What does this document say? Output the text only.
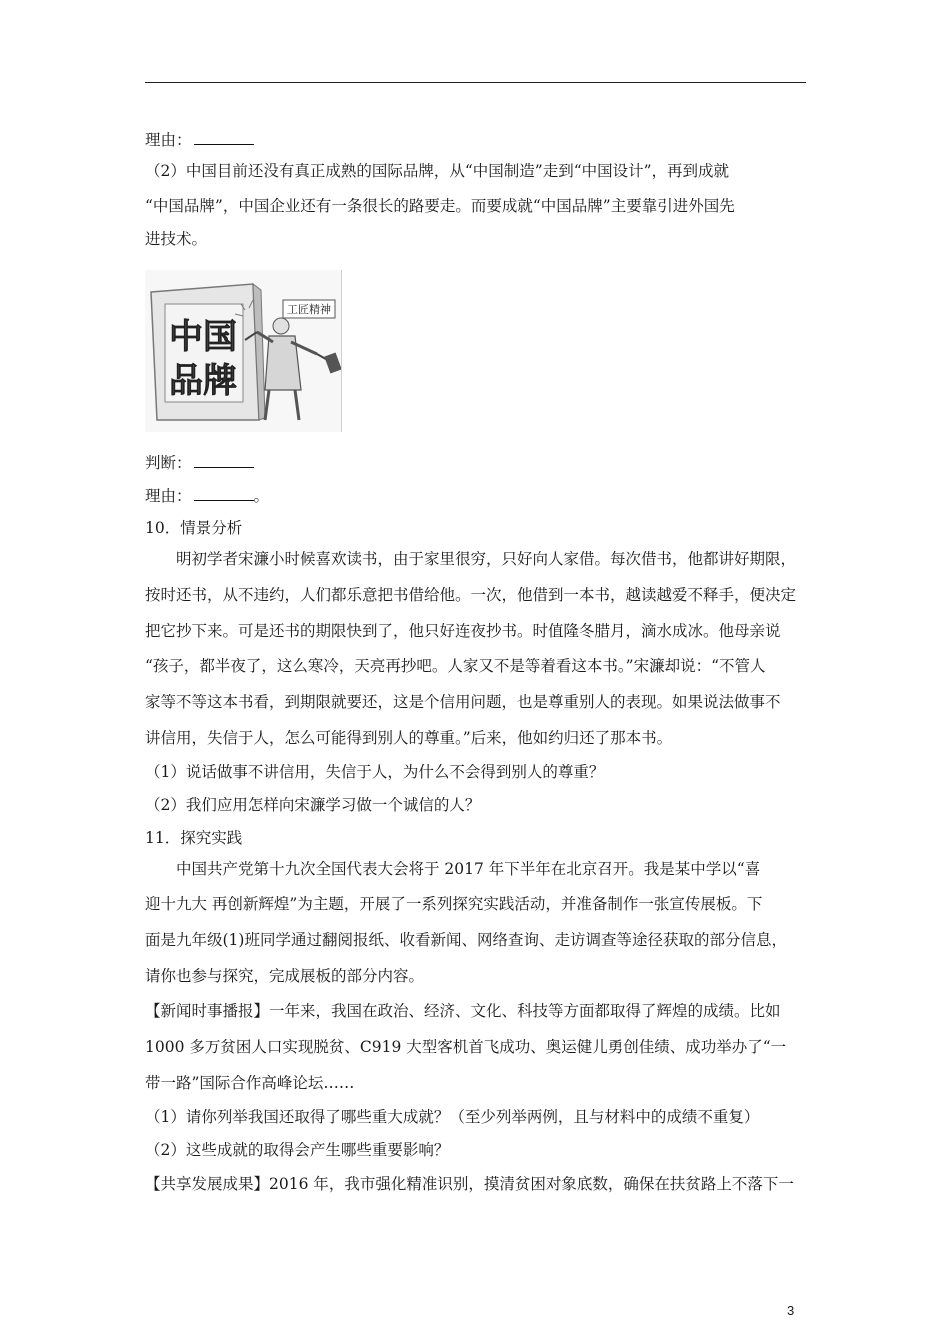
理由：
（2）中国目前还没有真正成熟的国际品牌，从“中国制造”走到“中国设计”，再到成就
“中国品牌”，中国企业还有一条很长的路要走。而要成就“中国品牌”主要靠引进外国先
进技术。
判断：
理由：	。
10．情景分析
明初学者宋濂小时候喜欢读书，由于家里很穷，只好向人家借。每次借书，他都讲好期限，
按时还书，从不违约，人们都乐意把书借给他。一次，他借到一本书，越读越爱不释手，便决定
把它抄下来。可是还书的期限快到了，他只好连夜抄书。时值隆冬腊月，滴水成冰。他母亲说
“孩子，都半夜了，这么寒冷，天亮再抄吧。人家又不是等着看这本书。”宋濂却说：“不管人
家等不等这本书看，到期限就要还，这是个信用问题，也是尊重别人的表现。如果说法做事不
讲信用，失信于人，怎么可能得到别人的尊重。”后来，他如约归还了那本书。
（1）说话做事不讲信用，失信于人，为什么不会得到别人的尊重？
（2）我们应用怎样向宋濂学习做一个诚信的人？
11．探究实践
中国共产党第十九次全国代表大会将于 2017 年下半年在北京召开。我是某中学以“喜
迎十九大 再创新辉煌”为主题，开展了一系列探究实践活动，并准备制作一张宣传展板。下
面是九年级(1)班同学通过翻阅报纸、收看新闻、网络查询、走访调查等途径获取的部分信息，
请你也参与探究，完成展板的部分内容。
【新闻时事播报】一年来，我国在政治、经济、文化、科技等方面都取得了辉煌的成绩。比如
1000 多万贫困人口实现脱贫、C919 大型客机首飞成功、奥运健儿勇创佳绩、成功举办了“一
带一路”国际合作高峰论坛……
（1）请你列举我国还取得了哪些重大成就？（至少列举两例，且与材料中的成绩不重复）
（2）这些成就的取得会产生哪些重要影响？
【共享发展成果】2016 年，我市强化精准识别，摸清贫困对象底数，确保在扶贫路上不落下一
中国
品牌
工匠精神
3
